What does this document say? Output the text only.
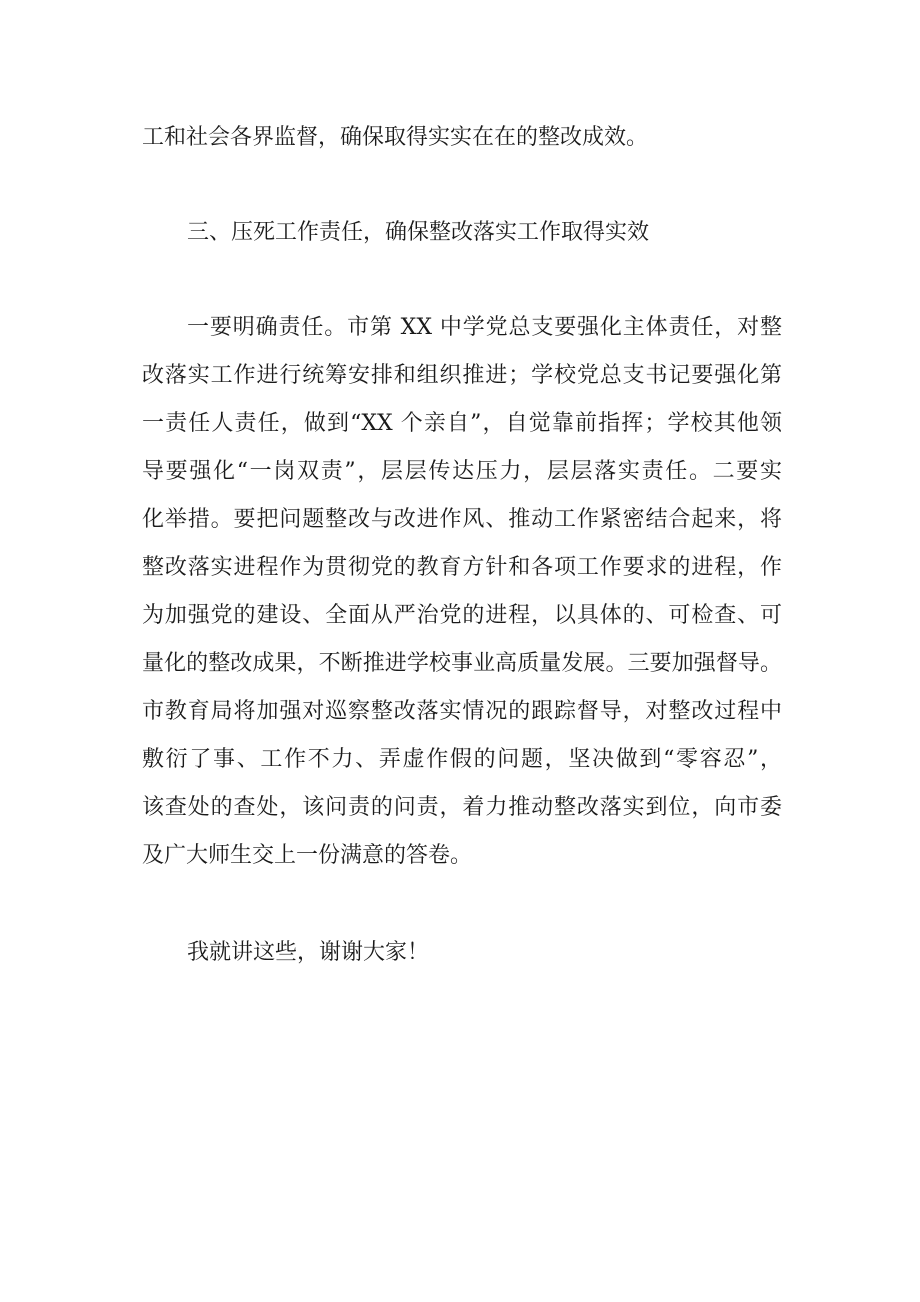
工和社会各界监督，确保取得实实在在的整改成效。
三、压死工作责任，确保整改落实工作取得实效
一要明确责任。市第 XX 中学党总支要强化主体责任，对整
改落实工作进行统筹安排和组织推进；学校党总支书记要强化第
一责任人责任，做到“XX 个亲自”，自觉靠前指挥；学校其他领
导要强化“一岗双责”，层层传达压力，层层落实责任。二要实
化举措。要把问题整改与改进作风、推动工作紧密结合起来，将
整改落实进程作为贯彻党的教育方针和各项工作要求的进程，作
为加强党的建设、全面从严治党的进程，以具体的、可检查、可
量化的整改成果，不断推进学校事业高质量发展。三要加强督导。
市教育局将加强对巡察整改落实情况的跟踪督导，对整改过程中
敷衍了事、工作不力、弄虚作假的问题，坚决做到“零容忍”，
该查处的查处，该问责的问责，着力推动整改落实到位，向市委
及广大师生交上一份满意的答卷。
我就讲这些，谢谢大家！
